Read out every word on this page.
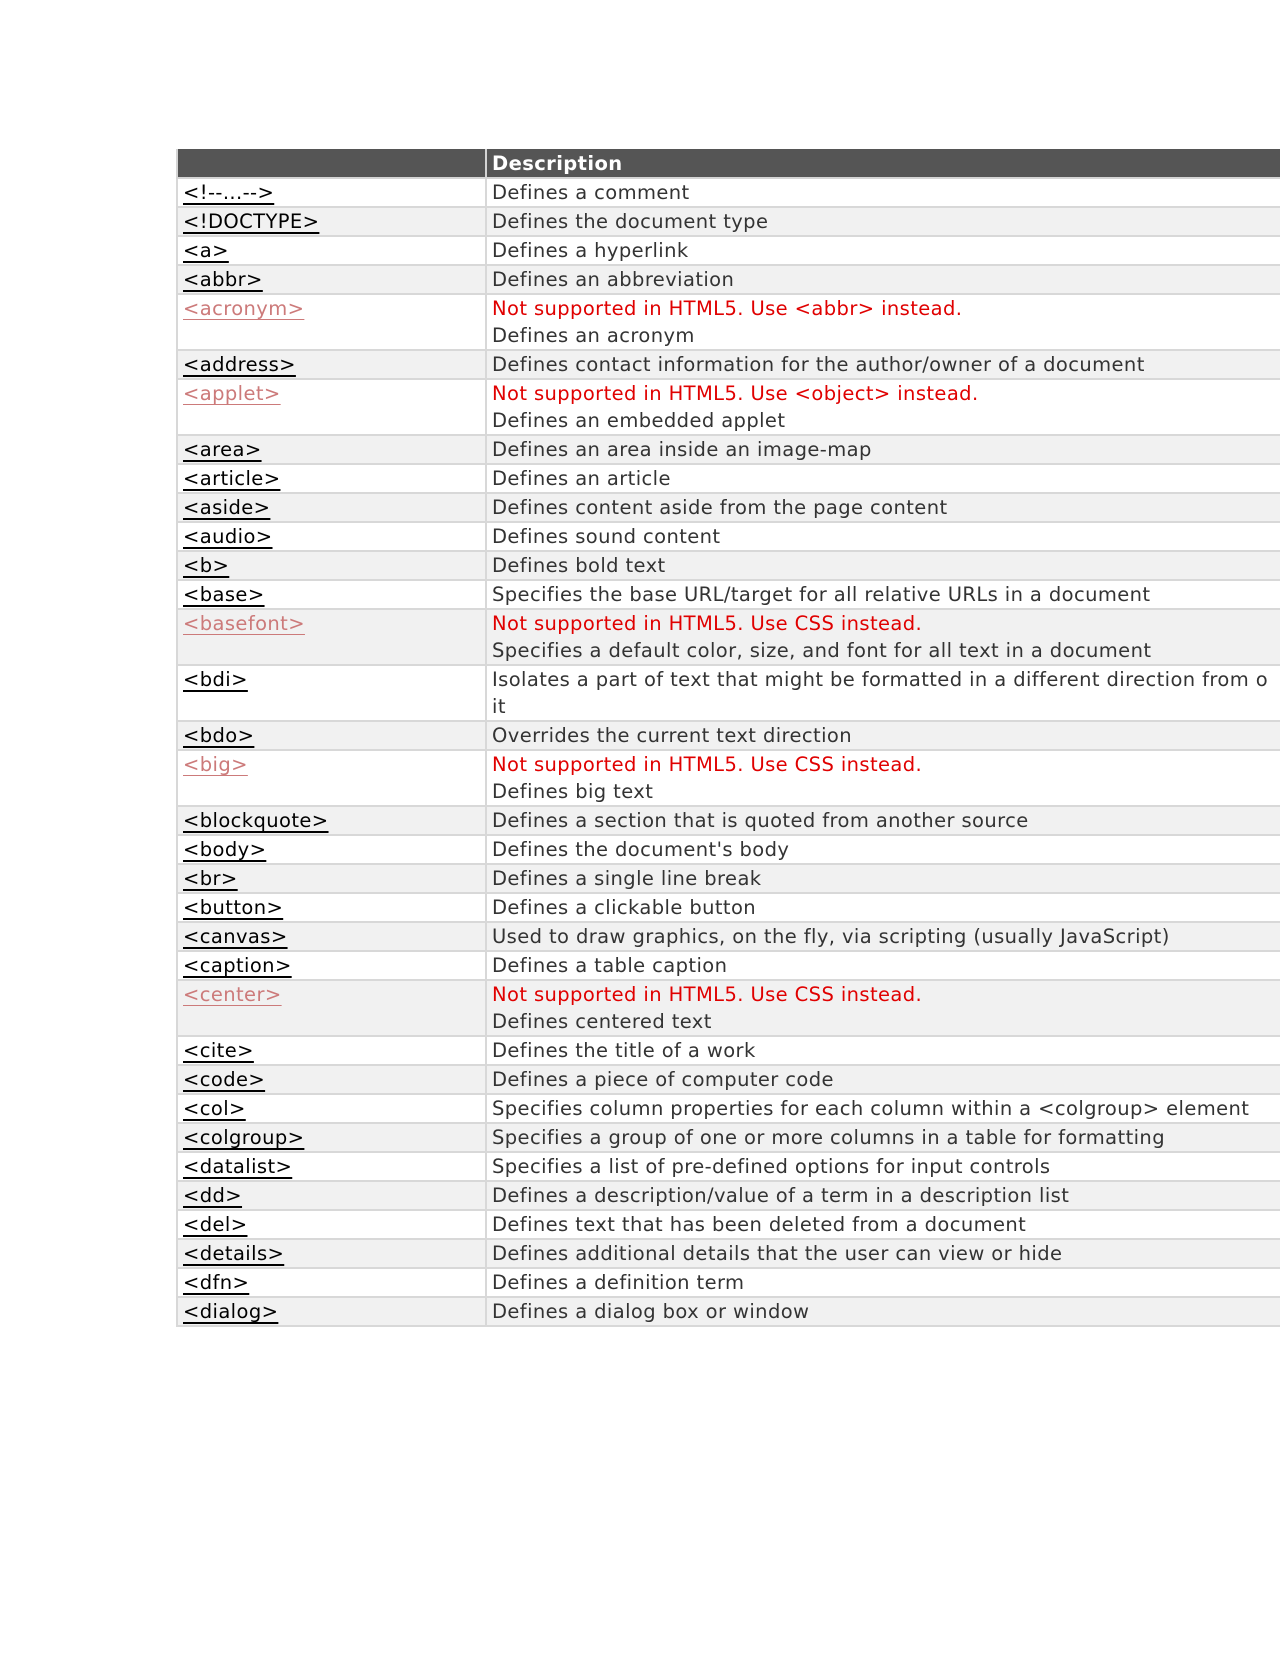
	Description
<!--...-->	Defines a comment

<!DOCTYPE>	Defines the document type

<a>	Defines a hyperlink

<abbr>	Defines an abbreviation

<acronym>	Not supported in HTML5. Use <abbr> instead.
Defines an acronym

<address>	Defines contact information for the author/owner of a document

<applet>	Not supported in HTML5. Use <object> instead.
Defines an embedded applet

<area>	Defines an area inside an image-map

<article>	Defines an article

<aside>	Defines content aside from the page content

<audio>	Defines sound content

<b>	Defines bold text

<base>	Specifies the base URL/target for all relative URLs in a document

<basefont>	Not supported in HTML5. Use CSS instead.
Specifies a default color, size, and font for all text in a document

<bdi>	Isolates a part of text that might be formatted in a different direction from o
it

<bdo>	Overrides the current text direction

<big>	Not supported in HTML5. Use CSS instead.
Defines big text

<blockquote>	Defines a section that is quoted from another source

<body>	Defines the document's body

<br>	Defines a single line break

<button>	Defines a clickable button

<canvas>	Used to draw graphics, on the fly, via scripting (usually JavaScript)

<caption>	Defines a table caption

<center>	Not supported in HTML5. Use CSS instead.
Defines centered text

<cite>	Defines the title of a work

<code>	Defines a piece of computer code

<col>	Specifies column properties for each column within a <colgroup> element

<colgroup>	Specifies a group of one or more columns in a table for formatting

<datalist>	Specifies a list of pre-defined options for input controls

<dd>	Defines a description/value of a term in a description list

<del>	Defines text that has been deleted from a document

<details>	Defines additional details that the user can view or hide

<dfn>	Defines a definition term

<dialog>	Defines a dialog box or window
